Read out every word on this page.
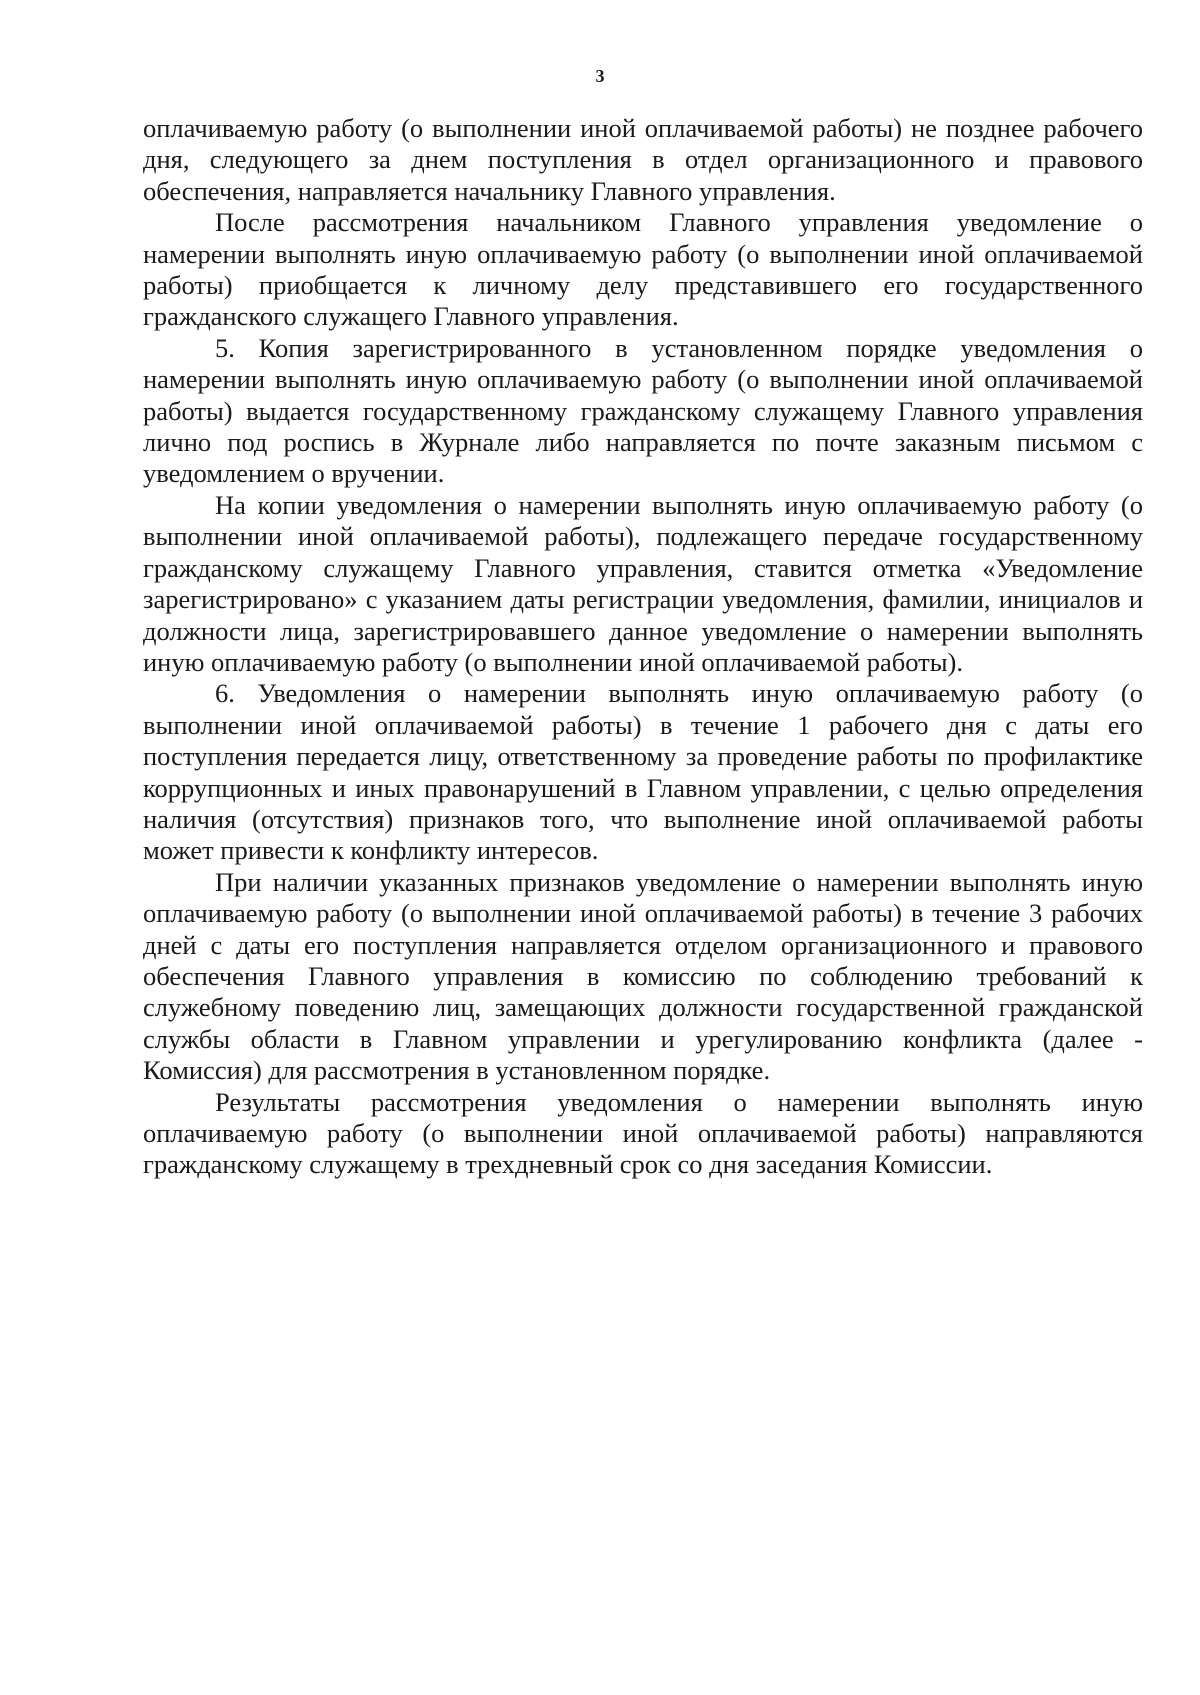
3

оплачиваемую работу (о выполнении иной оплачиваемой работы) не позднее рабочего дня, следующего за днем поступления в отдел организационного и правового обеспечения, направляется начальнику Главного управления.

После рассмотрения начальником Главного управления уведомление о намерении выполнять иную оплачиваемую работу (о выполнении иной оплачиваемой работы) приобщается к личному делу представившего его государственного гражданского служащего Главного управления.

5. Копия зарегистрированного в установленном порядке уведомления о намерении выполнять иную оплачиваемую работу (о выполнении иной оплачиваемой работы) выдается государственному гражданскому служащему Главного управления лично под роспись в Журнале либо направляется по почте заказным письмом с уведомлением о вручении.

На копии уведомления о намерении выполнять иную оплачиваемую работу (о выполнении иной оплачиваемой работы), подлежащего передаче государственному гражданскому служащему Главного управления, ставится отметка «Уведомление зарегистрировано» с указанием даты регистрации уведомления, фамилии, инициалов и должности лица, зарегистрировавшего данное уведомление о намерении выполнять иную оплачиваемую работу (о выполнении иной оплачиваемой работы).

6. Уведомления о намерении выполнять иную оплачиваемую работу (о выполнении иной оплачиваемой работы) в течение 1 рабочего дня с даты его поступления передается лицу, ответственному за проведение работы по профилактике коррупционных и иных правонарушений в Главном управлении, с целью определения наличия (отсутствия) признаков того, что выполнение иной оплачиваемой работы может привести к конфликту интересов.

При наличии указанных признаков уведомление о намерении выполнять иную оплачиваемую работу (о выполнении иной оплачиваемой работы) в течение 3 рабочих дней с даты его поступления направляется отделом организационного и правового обеспечения Главного управления в комиссию по соблюдению требований к служебному поведению лиц, замещающих должности государственной гражданской службы области в Главном управлении и урегулированию конфликта (далее - Комиссия) для рассмотрения в установленном порядке.

Результаты рассмотрения уведомления о намерении выполнять иную оплачиваемую работу (о выполнении иной оплачиваемой работы) направляются гражданскому служащему в трехдневный срок со дня заседания Комиссии.
